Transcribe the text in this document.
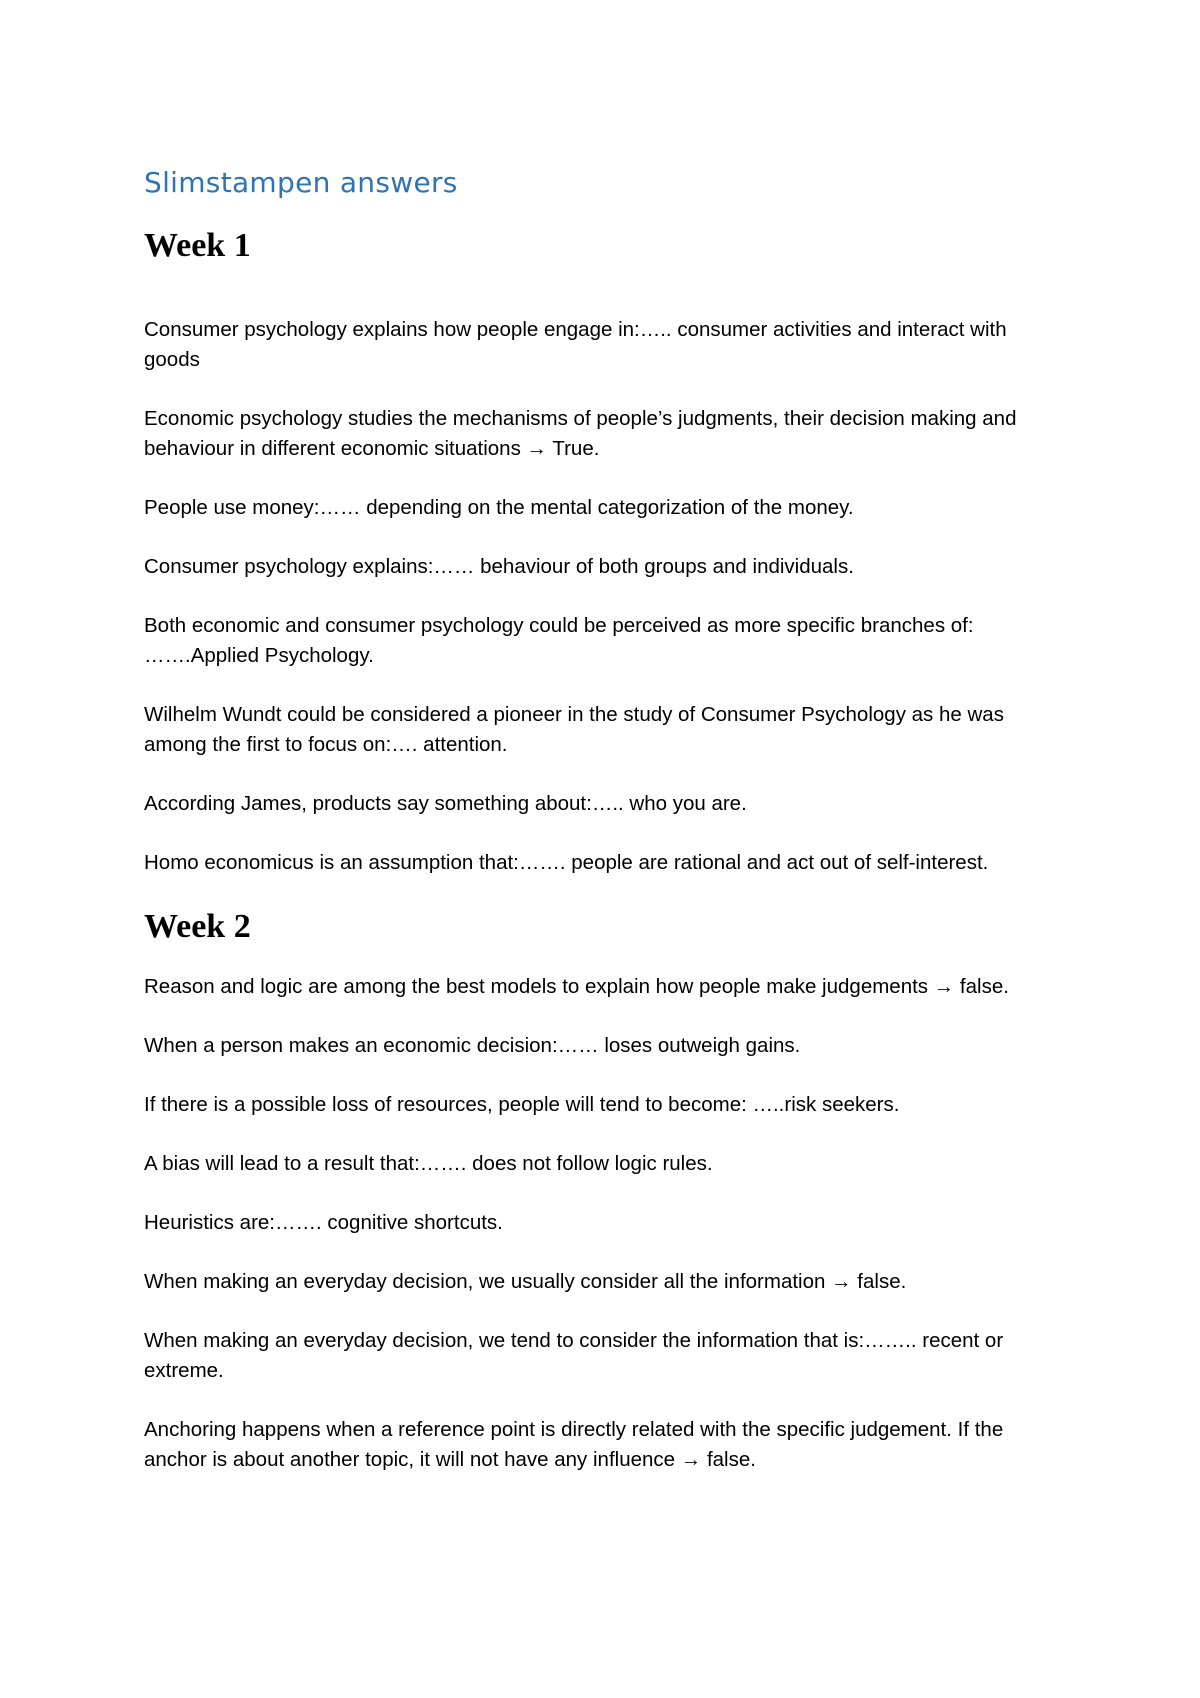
Slimstampen answers
Week 1

Consumer psychology explains how people engage in:….. consumer activities and interact with goods

Economic psychology studies the mechanisms of people’s judgments, their decision making and behaviour in different economic situations → True.

People use money:…… depending on the mental categorization of the money.

Consumer psychology explains:…… behaviour of both groups and individuals.

Both economic and consumer psychology could be perceived as more specific branches of: …….Applied Psychology.

Wilhelm Wundt could be considered a pioneer in the study of Consumer Psychology as he was among the first to focus on:…. attention.

According James, products say something about:….. who you are.

Homo economicus is an assumption that:……. people are rational and act out of self-interest.

Week 2

Reason and logic are among the best models to explain how people make judgements → false.

When a person makes an economic decision:…… loses outweigh gains.

If there is a possible loss of resources, people will tend to become: …..risk seekers.

A bias will lead to a result that:……. does not follow logic rules.

Heuristics are:……. cognitive shortcuts.

When making an everyday decision, we usually consider all the information → false.

When making an everyday decision, we tend to consider the information that is:…….. recent or extreme.

Anchoring happens when a reference point is directly related with the specific judgement. If the anchor is about another topic, it will not have any influence → false.
